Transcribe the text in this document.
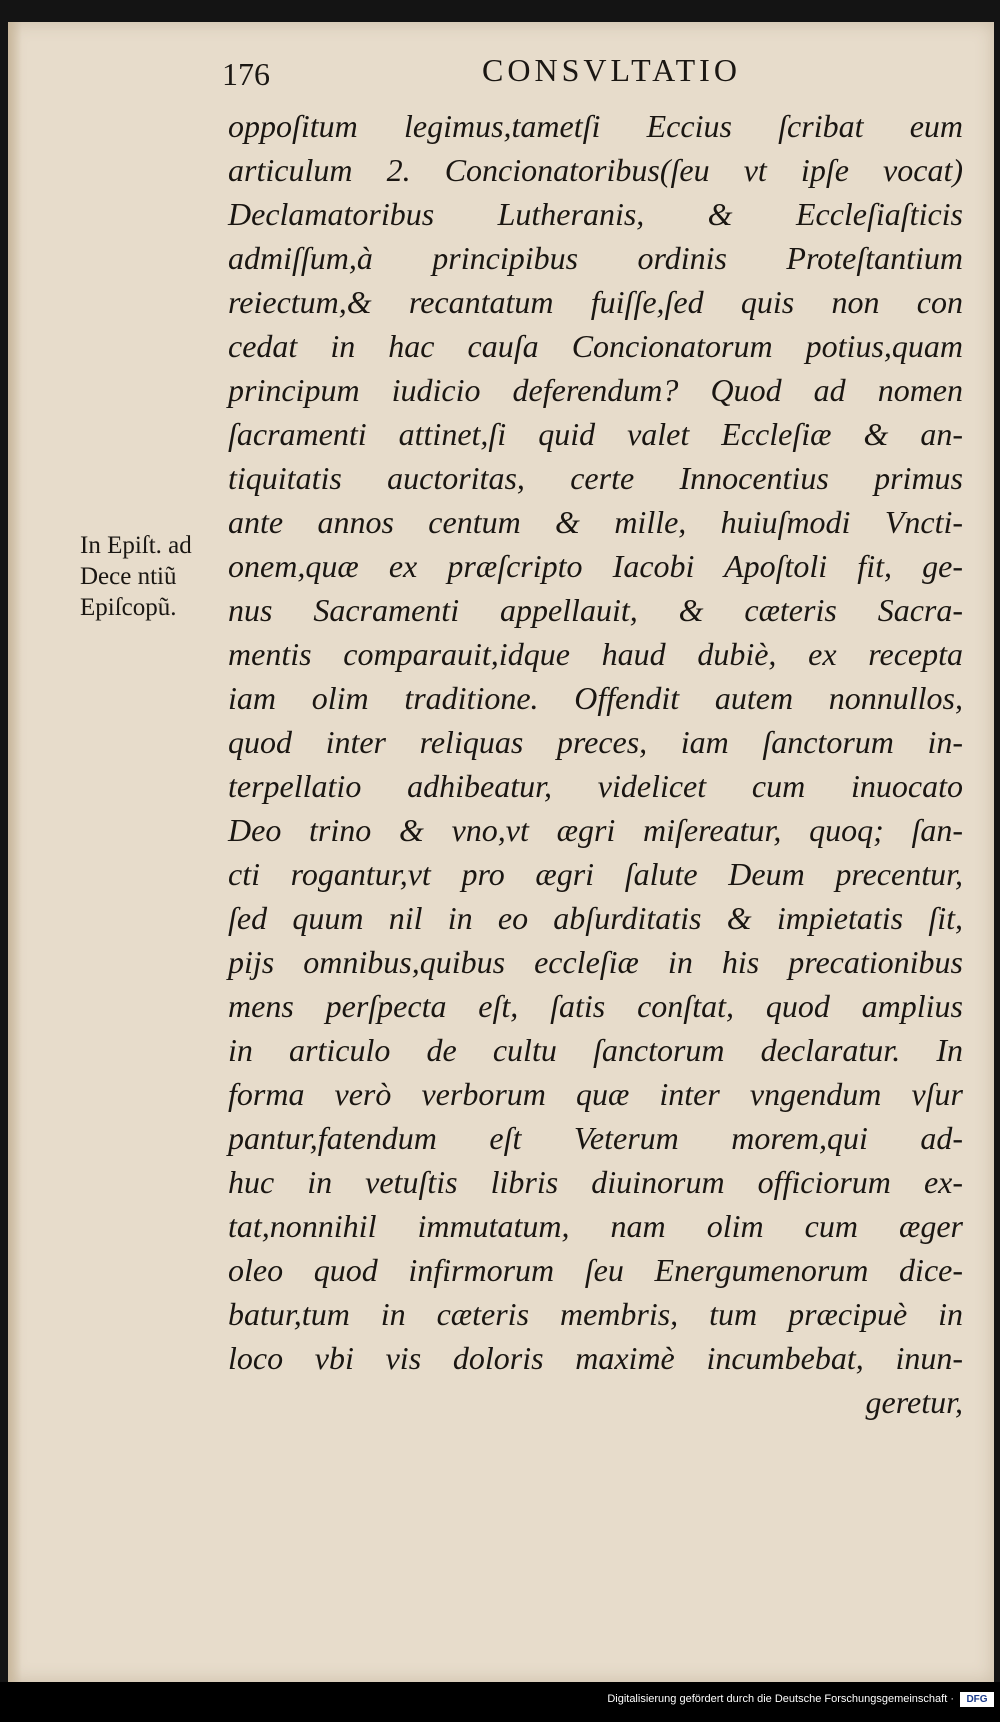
176	CONSVLTATIO
oppoſitum legimus,tametſi Eccius ſcribat eum
articulum 2. Concionatoribus(ſeu vt ipſe vocat)
Declamatoribus Lutheranis, & Eccleſiaſticis
admiſſum,à principibus ordinis Proteſtantium
reiectum,& recantatum fuiſſe,ſed quis non con
cedat in hac cauſa Concionatorum potius,quam
principum iudicio deferendum? Quod ad nomen
ſacramenti attinet,ſi quid valet Eccleſiæ & an-
tiquitatis auctoritas, certe Innocentius primus
ante annos centum & mille, huiuſmodi Vncti-
onem,quæ ex præſcripto Iacobi Apoſtoli fit, ge-
nus Sacramenti appellauit, & cæteris Sacra-
mentis comparauit,idque haud dubiè, ex recepta
iam olim traditione. Offendit autem nonnullos,
quod inter reliquas preces, iam ſanctorum in-
terpellatio adhibeatur, videlicet cum inuocato
Deo trino & vno,vt ægri miſereatur, quoq; ſan-
cti rogantur,vt pro ægri ſalute Deum precentur,
ſed quum nil in eo abſurditatis & impietatis ſit,
pijs omnibus,quibus eccleſiæ in his precationibus
mens perſpecta eſt, ſatis conſtat, quod amplius
in articulo de cultu ſanctorum declaratur. In
forma verò verborum quæ inter vngendum vſur
pantur,fatendum eſt Veterum morem,qui ad-
huc in vetuſtis libris diuinorum officiorum ex-
tat,nonnihil immutatum, nam olim cum æger
oleo quod infirmorum ſeu Energumenorum dice-
batur,tum in cæteris membris, tum præcipuè in
loco vbi vis doloris maximè incumbebat, inun-
geretur,
In Epiſt. ad
Dece ntiũ
Epiſcopũ.
Digitalisierung gefördert durch die Deutsche Forschungsgemeinschaft ·	DFG
